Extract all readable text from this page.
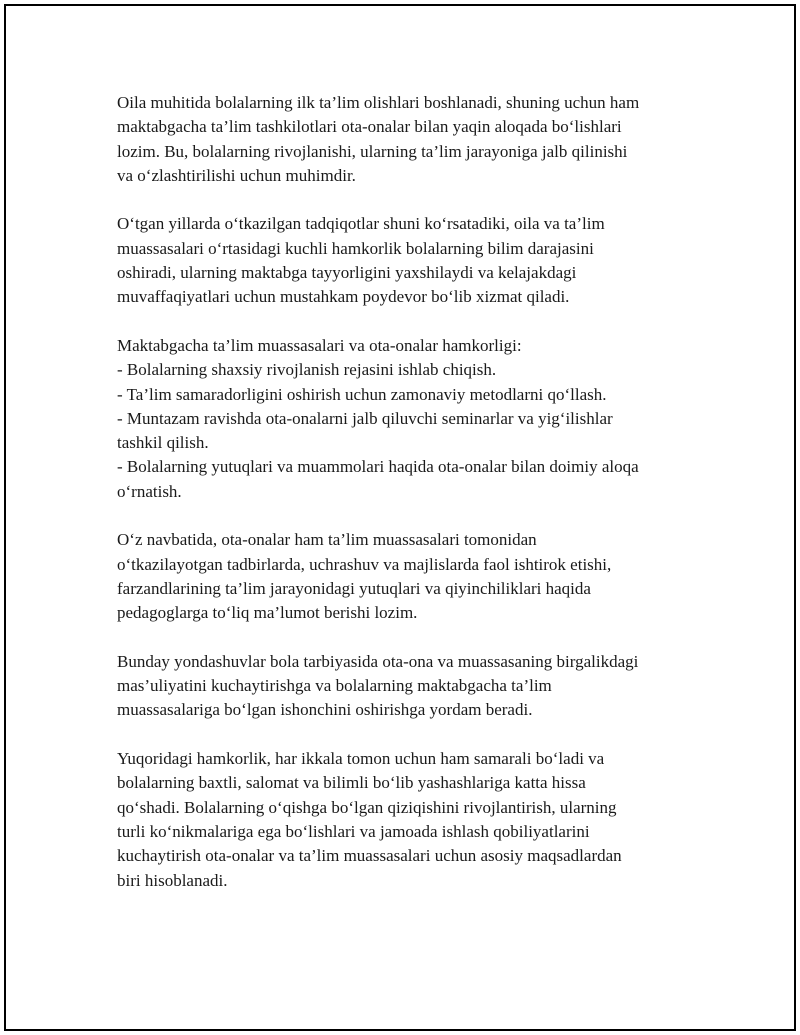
Oila muhitida bolalarning ilk ta’lim olishlari boshlanadi, shuning uchun ham
maktabgacha ta’lim tashkilotlari ota-onalar bilan yaqin aloqada bo‘lishlari
lozim. Bu, bolalarning rivojlanishi, ularning ta’lim jarayoniga jalb qilinishi
va o‘zlashtirilishi uchun muhimdir.

O‘tgan yillarda o‘tkazilgan tadqiqotlar shuni ko‘rsatadiki, oila va ta’lim
muassasalari o‘rtasidagi kuchli hamkorlik bolalarning bilim darajasini
oshiradi, ularning maktabga tayyorligini yaxshilaydi va kelajakdagi
muvaffaqiyatlari uchun mustahkam poydevor bo‘lib xizmat qiladi.

Maktabgacha ta’lim muassasalari va ota-onalar hamkorligi:
- Bolalarning shaxsiy rivojlanish rejasini ishlab chiqish.
- Ta’lim samaradorligini oshirish uchun zamonaviy metodlarni qo‘llash.
- Muntazam ravishda ota-onalarni jalb qiluvchi seminarlar va yig‘ilishlar
tashkil qilish.
- Bolalarning yutuqlari va muammolari haqida ota-onalar bilan doimiy aloqa
o‘rnatish.

O‘z navbatida, ota-onalar ham ta’lim muassasalari tomonidan
o‘tkazilayotgan tadbirlarda, uchrashuv va majlislarda faol ishtirok etishi,
farzandlarining ta’lim jarayonidagi yutuqlari va qiyinchiliklari haqida
pedagoglarga to‘liq ma’lumot berishi lozim.

Bunday yondashuvlar bola tarbiyasida ota-ona va muassasaning birgalikdagi
mas’uliyatini kuchaytirishga va bolalarning maktabgacha ta’lim
muassasalariga bo‘lgan ishonchini oshirishga yordam beradi.

Yuqoridagi hamkorlik, har ikkala tomon uchun ham samarali bo‘ladi va
bolalarning baxtli, salomat va bilimli bo‘lib yashashlariga katta hissa
qo‘shadi. Bolalarning o‘qishga bo‘lgan qiziqishini rivojlantirish, ularning
turli ko‘nikmalariga ega bo‘lishlari va jamoada ishlash qobiliyatlarini
kuchaytirish ota-onalar va ta’lim muassasalari uchun asosiy maqsadlardan
biri hisoblanadi.
